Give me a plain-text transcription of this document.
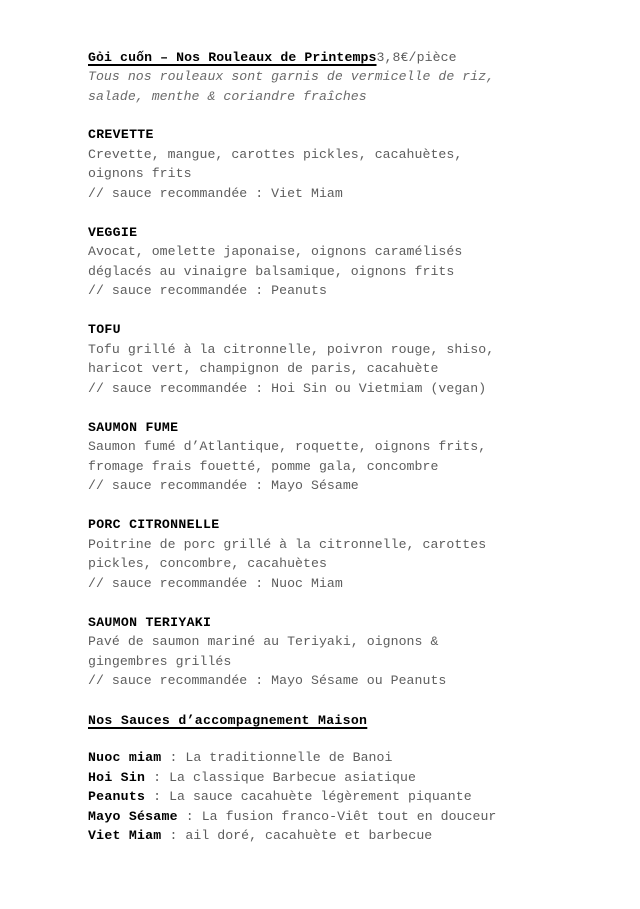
Gỏi cuốn – Nos Rouleaux de Printemps3,8€/pièce
Tous nos rouleaux sont garnis de vermicelle de riz,
salade, menthe & coriandre fraîches
CREVETTE
Crevette, mangue, carottes pickles, cacahuètes,
oignons frits
// sauce recommandée : Viet Miam
VEGGIE
Avocat, omelette japonaise, oignons caramélisés
déglacés au vinaigre balsamique, oignons frits
// sauce recommandée : Peanuts
TOFU
Tofu grillé à la citronnelle, poivron rouge, shiso,
haricot vert, champignon de paris, cacahuète
// sauce recommandée : Hoi Sin ou Vietmiam (vegan)
SAUMON FUME
Saumon fumé d’Atlantique, roquette, oignons frits,
fromage frais fouetté, pomme gala, concombre
// sauce recommandée : Mayo Sésame
PORC CITRONNELLE
Poitrine de porc grillé à la citronnelle, carottes
pickles, concombre, cacahuètes
// sauce recommandée : Nuoc Miam
SAUMON TERIYAKI
Pavé de saumon mariné au Teriyaki, oignons &
gingembres grillés
// sauce recommandée : Mayo Sésame ou Peanuts
Nos Sauces d’accompagnement Maison
Nuoc miam : La traditionnelle de Banoi
Hoi Sin : La classique Barbecue asiatique
Peanuts : La sauce cacahuète légèrement piquante
Mayo Sésame : La fusion franco-Viêt tout en douceur
Viet Miam : ail doré, cacahuète et barbecue
